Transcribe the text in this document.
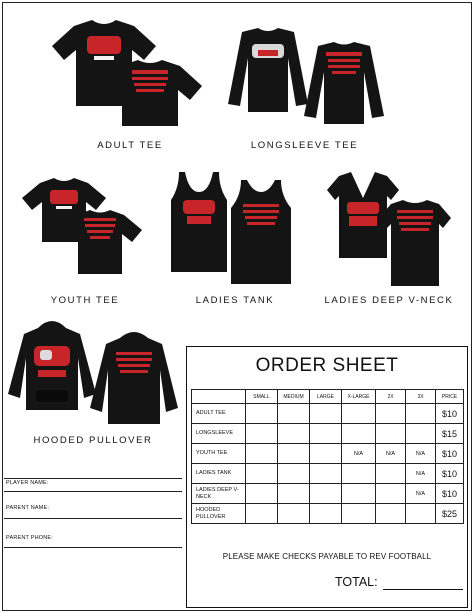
ADULT TEE	LONGSLEEVE TEE
YOUTH TEE	LADIES TANK	LADIES DEEP V-NECK
HOODED PULLOVER
PLAYER NAME:
PARENT NAME:
PARENT PHONE:
ORDER SHEET
	SMALL	MEDIUM	LARGE	X-LARGE	2X	3X	PRICE
ADULT TEE							$10
LONGSLEEVE							$15
YOUTH TEE				N/A	N/A	N/A	$10
LADIES TANK						N/A	$10
LADIES DEEP V-NECK						N/A	$10
HOODED PULLOVER							$25
PLEASE MAKE CHECKS PAYABLE TO REV FOOTBALL
TOTAL:
